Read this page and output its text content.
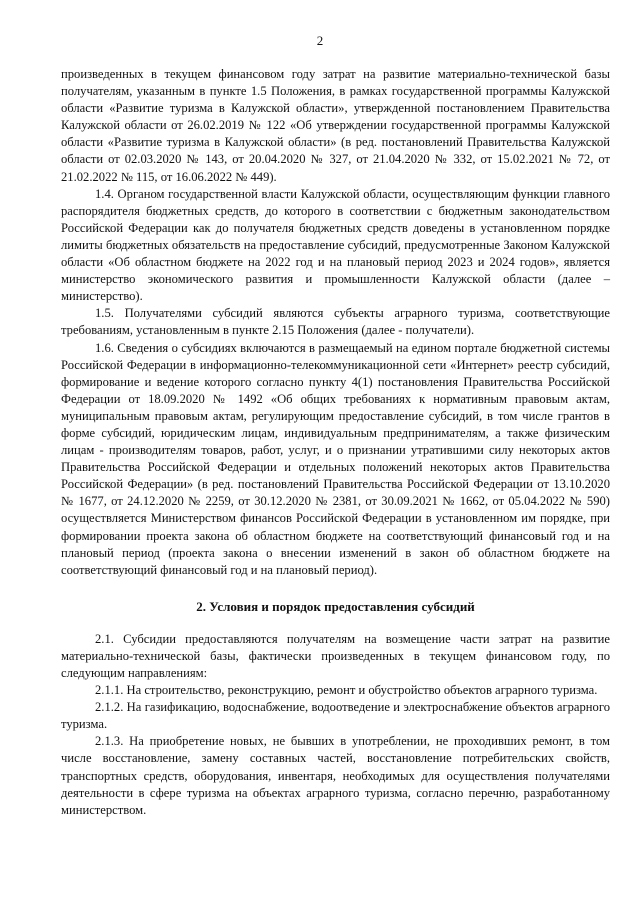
2

произведенных в текущем финансовом году затрат на развитие материально-технической базы получателям, указанным в пункте 1.5 Положения, в рамках государственной программы Калужской области «Развитие туризма в Калужской области», утвержденной постановлением Правительства Калужской области от 26.02.2019 № 122 «Об утверждении государственной программы Калужской области «Развитие туризма в Калужской области» (в ред. постановлений Правительства Калужской области от 02.03.2020 № 143, от 20.04.2020 № 327, от 21.04.2020 № 332, от 15.02.2021 № 72, от 21.02.2022 № 115, от 16.06.2022 № 449).

1.4. Органом государственной власти Калужской области, осуществляющим функции главного распорядителя бюджетных средств, до которого в соответствии с бюджетным законодательством Российской Федерации как до получателя бюджетных средств доведены в установленном порядке лимиты бюджетных обязательств на предоставление субсидий, предусмотренные Законом Калужской области «Об областном бюджете на 2022 год и на плановый период 2023 и 2024 годов», является министерство экономического развития и промышленности Калужской области (далее – министерство).

1.5. Получателями субсидий являются субъекты аграрного туризма, соответствующие требованиям, установленным в пункте 2.15 Положения (далее - получатели).

1.6. Сведения о субсидиях включаются в размещаемый на едином портале бюджетной системы Российской Федерации в информационно-телекоммуникационной сети «Интернет» реестр субсидий, формирование и ведение которого согласно пункту 4(1) постановления Правительства Российской Федерации от 18.09.2020 № 1492 «Об общих требованиях к нормативным правовым актам, муниципальным правовым актам, регулирующим предоставление субсидий, в том числе грантов в форме субсидий, юридическим лицам, индивидуальным предпринимателям, а также физическим лицам - производителям товаров, работ, услуг, и о признании утратившими силу некоторых актов Правительства Российской Федерации и отдельных положений некоторых актов Правительства Российской Федерации» (в ред. постановлений Правительства Российской Федерации от 13.10.2020 № 1677, от 24.12.2020 № 2259, от 30.12.2020 № 2381, от 30.09.2021 № 1662, от 05.04.2022 № 590) осуществляется Министерством финансов Российской Федерации в установленном им порядке, при формировании проекта закона об областном бюджете на соответствующий финансовый год и на плановый период (проекта закона о внесении изменений в закон об областном бюджете на соответствующий финансовый год и на плановый период).

2. Условия и порядок предоставления субсидий

2.1. Субсидии предоставляются получателям на возмещение части затрат на развитие материально-технической базы, фактически произведенных в текущем финансовом году, по следующим направлениям:

2.1.1. На строительство, реконструкцию, ремонт и обустройство объектов аграрного туризма.

2.1.2. На газификацию, водоснабжение, водоотведение и электроснабжение объектов аграрного туризма.

2.1.3. На приобретение новых, не бывших в употреблении, не проходивших ремонт, в том числе восстановление, замену составных частей, восстановление потребительских свойств, транспортных средств, оборудования, инвентаря, необходимых для осуществления получателями деятельности в сфере туризма на объектах аграрного туризма, согласно перечню, разработанному министерством.
